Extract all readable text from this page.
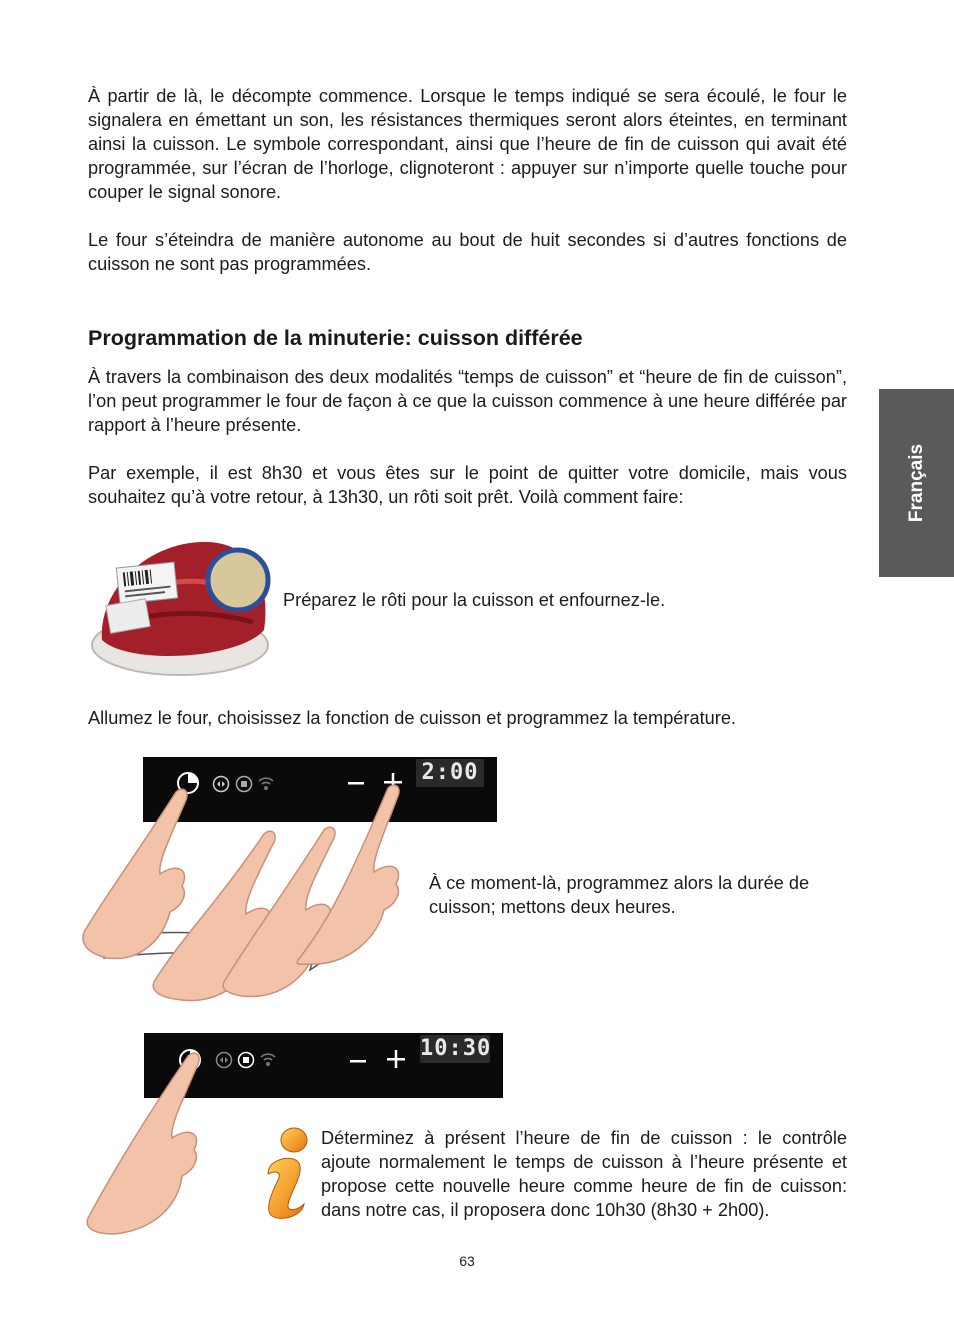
À partir de là, le décompte commence. Lorsque le temps indiqué se sera écoulé, le four le signalera en émettant un son, les résistances thermiques seront alors éteintes, en terminant ainsi la cuisson. Le symbole correspondant, ainsi que l’heure de fin de cuisson qui avait été programmée, sur l’écran de l’horloge, clignoteront : appuyer sur n’importe quelle touche pour couper le signal sonore.

Le four s’éteindra de manière autonome au bout de huit secondes si d’autres fonctions de cuisson ne sont pas programmées.

Programmation de la minuterie: cuisson différée

À travers la combinaison des deux modalités “temps de cuisson” et “heure de fin de cuisson”, l’on peut programmer le four de façon à ce que la cuisson commence à une heure différée par rapport à l’heure présente.

Par exemple, il est 8h30 et vous êtes sur le point de quitter votre domicile, mais vous souhaitez qu’à votre retour, à 13h30, un rôti soit prêt. Voilà comment faire:	Français

Préparez le rôti pour la cuisson et enfournez-le.

Allumez le four, choisissez la fonction de cuisson et programmez la température.

2:00

À ce moment-là, programmez alors la durée de cuisson; mettons deux heures.

10:30

Déterminez à présent l’heure de fin de cuisson : le contrôle ajoute normalement le temps de cuisson à l’heure présente et propose cette nouvelle heure comme heure de fin de cuisson: dans notre cas, il proposera donc 10h30 (8h30 + 2h00).

63
